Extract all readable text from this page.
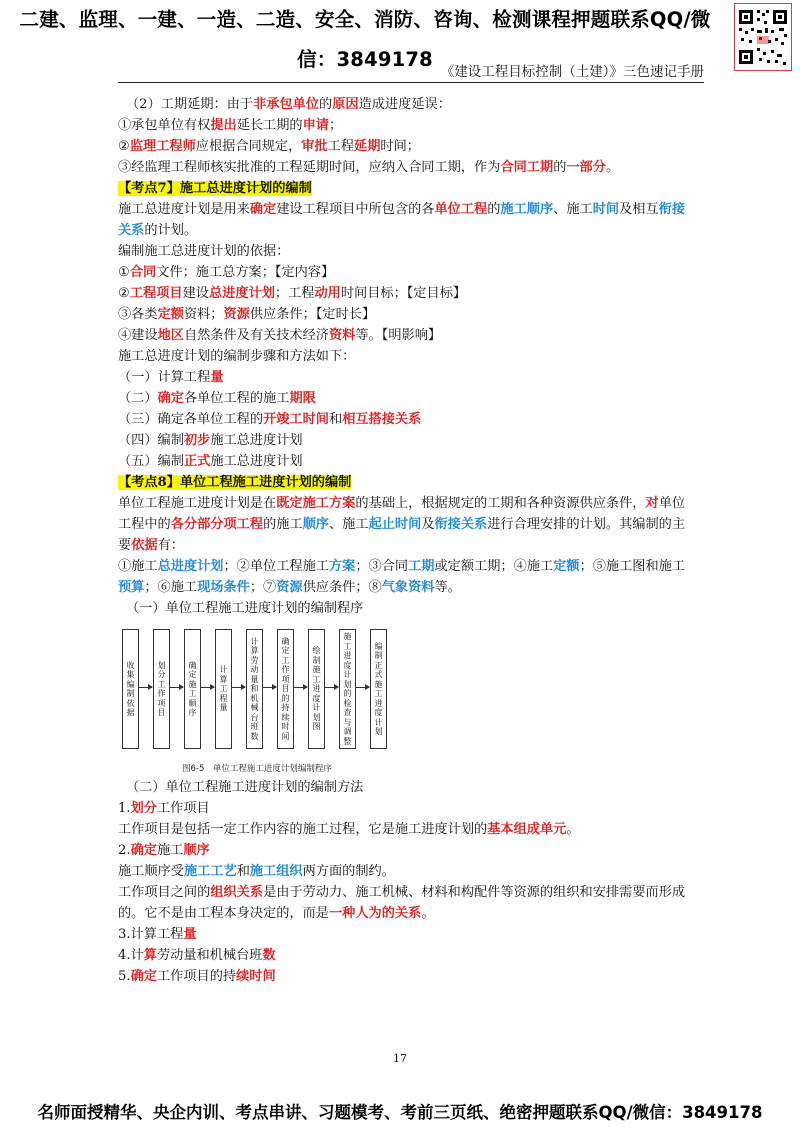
二建、监理、一建、一造、二造、安全、消防、咨询、检测课程押题联系QQ/微信：3849178
《建设工程目标控制（土建）》三色速记手册
（2）工期延期：由于非承包单位的原因造成进度延误：
①承包单位有权提出延长工期的申请；
②监理工程师应根据合同规定，审批工程延期时间；
③经监理工程师核实批准的工程延期时间，应纳入合同工期，作为合同工期的一部分。
【考点7】施工总进度计划的编制
施工总进度计划是用来确定建设工程项目中所包含的各单位工程的施工顺序、施工时间及相互衔接关系的计划。
编制施工总进度计划的依据：
①合同文件；施工总方案；【定内容】
②工程项目建设总进度计划；工程动用时间目标；【定目标】
③各类定额资料；资源供应条件；【定时长】
④建设地区自然条件及有关技术经济资料等。【明影响】
施工总进度计划的编制步骤和方法如下：
（一）计算工程量
（二）确定各单位工程的施工期限
（三）确定各单位工程的开竣工时间和相互搭接关系
（四）编制初步施工总进度计划
（五）编制正式施工总进度计划
【考点8】单位工程施工进度计划的编制
单位工程施工进度计划是在既定施工方案的基础上，根据规定的工期和各种资源供应条件，对单位工程中的各分部分项工程的施工顺序、施工起止时间及衔接关系进行合理安排的计划。其编制的主要依据有：
①施工总进度计划；②单位工程施工方案；③合同工期或定额工期；④施工定额；⑤施工图和施工预算；⑥施工现场条件；⑦资源供应条件；⑧气象资料等。
（一）单位工程施工进度计划的编制程序
图6-5　单位工程施工进度计划编制程序
收集编制依据
划分工作项目
确定施工顺序
计算工程量
计算劳动量和机械台班数
确定工作项目的持续时间
绘制施工进度计划图
施工进度计划的检查与调整
编制正式施工进度计划
（二）单位工程施工进度计划的编制方法
1.划分工作项目
工作项目是包括一定工作内容的施工过程，它是施工进度计划的基本组成单元。
2.确定施工顺序
施工顺序受施工工艺和施工组织两方面的制约。
工作项目之间的组织关系是由于劳动力、施工机械、材料和构配件等资源的组织和安排需要而形成的。它不是由工程本身决定的，而是一种人为的关系。
3.计算工程量
4.计算劳动量和机械台班数
5.确定工作项目的持续时间
17
名师面授精华、央企内训、考点串讲、习题模考、考前三页纸、绝密押题联系QQ/微信：3849178
